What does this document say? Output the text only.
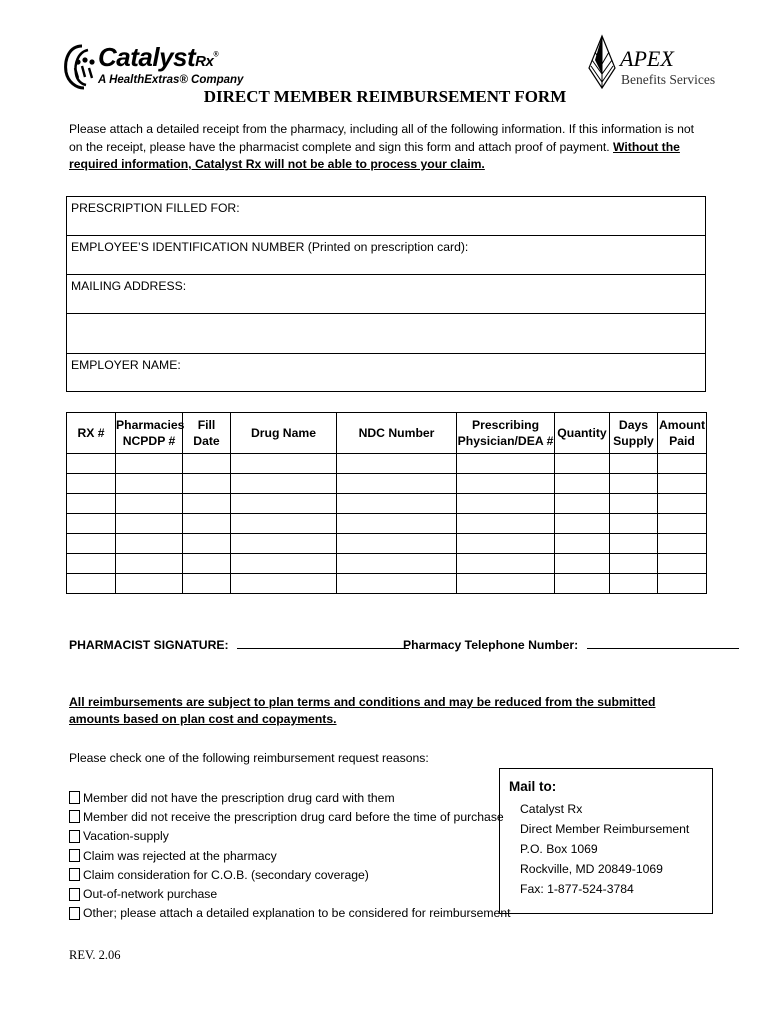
CatalystRx®
A HealthExtras® Company
APEX
Benefits Services
DIRECT MEMBER REIMBURSEMENT FORM
Please attach a detailed receipt from the pharmacy, including all of the following information. If this information is not on the receipt, please have the pharmacist complete and sign this form and attach proof of payment. Without the required information, Catalyst Rx will not be able to process your claim.
PRESCRIPTION FILLED FOR:
EMPLOYEE’S IDENTIFICATION NUMBER (Printed on prescription card):
MAILING ADDRESS:
EMPLOYER NAME:
RX #	Pharmacies NCPDP #	Fill Date	Drug Name	NDC Number	Prescribing Physician/DEA #	Quantity	Days Supply	Amount Paid

PHARMACIST SIGNATURE:	Pharmacy Telephone Number:
All reimbursements are subject to plan terms and conditions and may be reduced from the submitted amounts based on plan cost and copayments.
Please check one of the following reimbursement request reasons:
Member did not have the prescription drug card with them
Member did not receive the prescription drug card before the time of purchase
Vacation-supply
Claim was rejected at the pharmacy
Claim consideration for C.O.B. (secondary coverage)
Out-of-network purchase
Other; please attach a detailed explanation to be considered for reimbursement
Mail to:
Catalyst Rx
Direct Member Reimbursement
P.O. Box 1069
Rockville, MD 20849-1069
Fax: 1-877-524-3784
REV. 2.06
